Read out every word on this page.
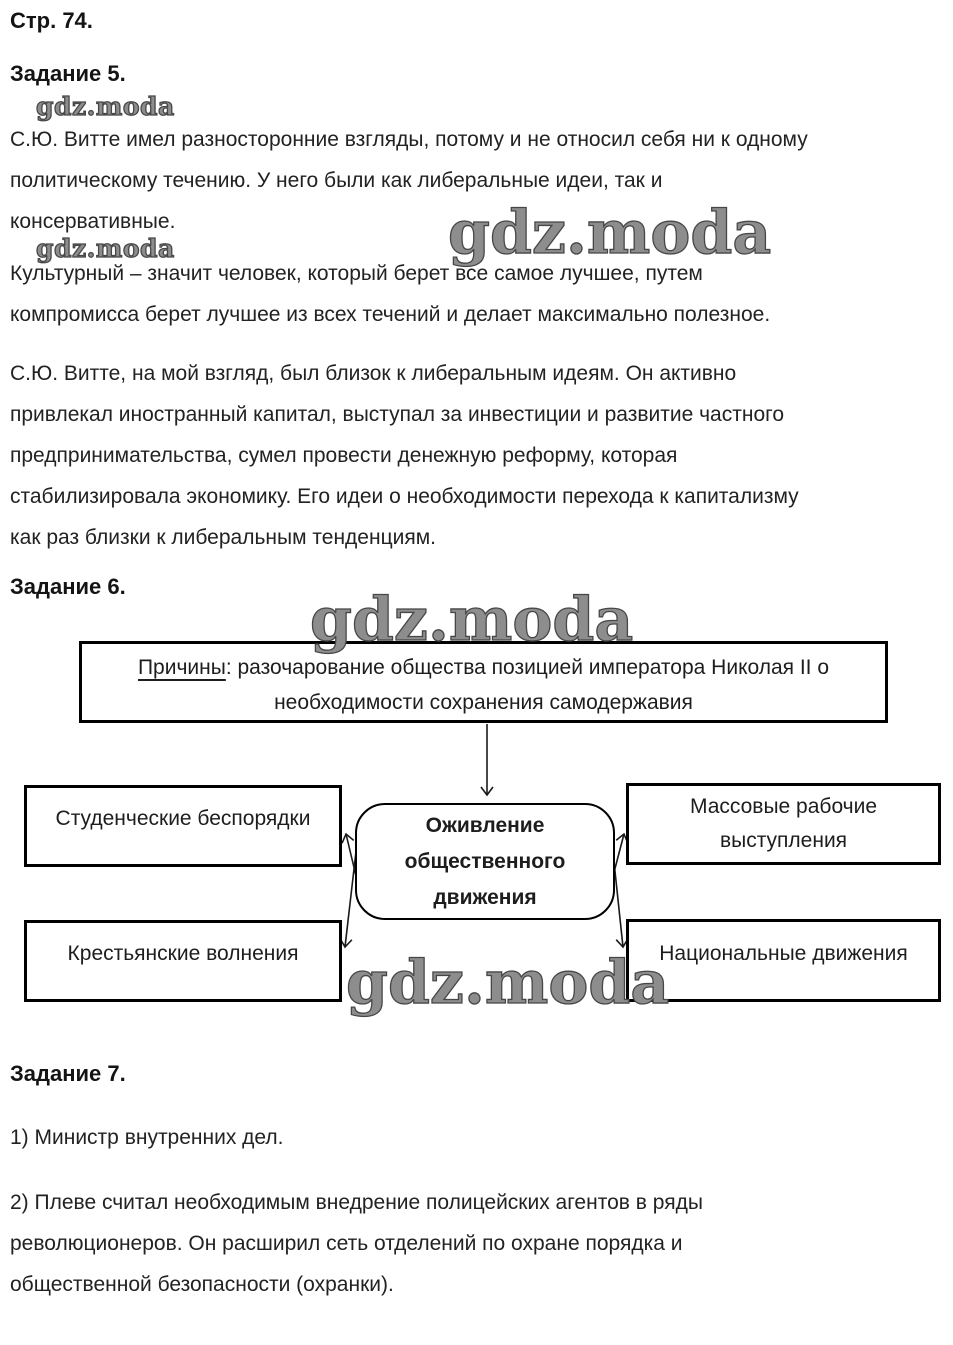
Стр. 74.
Задание 5.
Задание 6.
Задание 7.
С.Ю. Витте имел разносторонние взгляды, потому и не относил себя ни к одному
политическому течению. У него были как либеральные идеи, так и
консервативные.
Культурный – значит человек, который берет все самое лучшее, путем
компромисса берет лучшее из всех течений и делает максимально полезное.
С.Ю. Витте, на мой взгляд, был близок к либеральным идеям. Он активно
привлекал иностранный капитал, выступал за инвестиции и развитие частного
предпринимательства, сумел провести денежную реформу, которая
стабилизировала экономику. Его идеи о необходимости перехода к капитализму
как раз близки к либеральным тенденциям.
1) Министр внутренних дел.
2) Плеве считал необходимым внедрение полицейских агентов в ряды
революционеров. Он расширил сеть отделений по охране порядка и
общественной безопасности (охранки).
Причины: разочарование общества позицией императора Николая II о необходимости сохранения самодержавия
Студенческие беспорядки
Массовые рабочие
выступления
Крестьянские волнения	Национальные движения
Оживление
общественного
движения
gdz.moda
gdz.moda
gdz.moda
gdz.moda
gdz.moda
